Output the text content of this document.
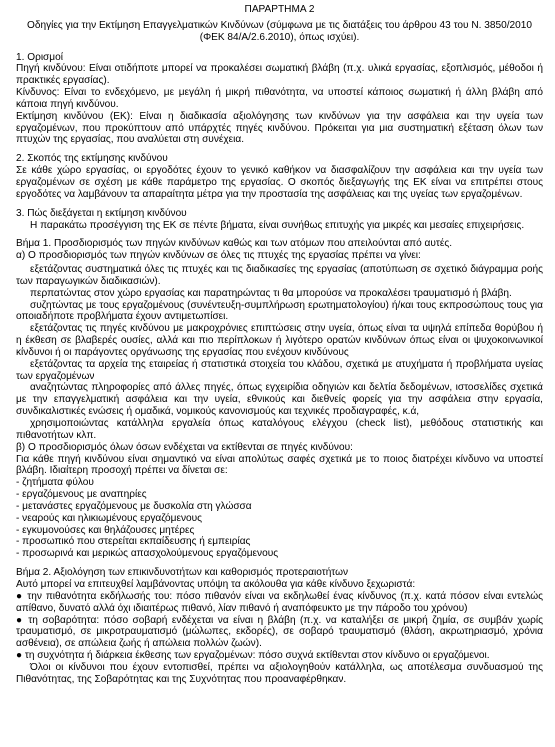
ΠΑΡΑΡΤΗΜΑ 2

Οδηγίες για την Εκτίμηση Επαγγελματικών Κινδύνων (σύμφωνα με τις διατάξεις του άρθρου 43 του Ν. 3850/2010 (ΦΕΚ 84/Α/2.6.2010), όπως ισχύει).

1. Ορισμοί

Πηγή κινδύνου: Είναι οτιδήποτε μπορεί να προκαλέσει σωματική βλάβη (π.χ. υλικά εργασίας, εξοπλισμός, μέθοδοι ή πρακτικές εργασίας).

Κίνδυνος: Είναι το ενδεχόμενο, με μεγάλη ή μικρή πιθανότητα, να υποστεί κάποιος σωματική ή άλλη βλάβη από κάποια πηγή κινδύνου.

Εκτίμηση κινδύνου (ΕΚ): Είναι η διαδικασία αξιολόγησης των κινδύνων για την ασφάλεια και την υγεία των εργαζομένων, που προκύπτουν από υπάρχτές πηγές κινδύνου. Πρόκειται για μια συστηματική εξέταση όλων των πτυχών της εργασίας, που αναλύεται στη συνέχεια.

2. Σκοπός της εκτίμησης κινδύνου

Σε κάθε χώρο εργασίας, οι εργοδότες έχουν το γενικό καθήκον να διασφαλίζουν την ασφάλεια και την υγεία των εργαζομένων σε σχέση με κάθε παράμετρο της εργασίας. Ο σκοπός διεξαγωγής της ΕΚ είναι να επιτρέπει στους εργοδότες να λαμβάνουν τα απαραίτητα μέτρα για την προστασία της ασφάλειας και της υγείας των εργαζομένων.

3. Πώς διεξάγεται η εκτίμηση κινδύνου

Η παρακάτω προσέγγιση της ΕΚ σε πέντε βήματα, είναι συνήθως επιτυχής για μικρές και μεσαίες επιχειρήσεις.

Βήμα 1. Προσδιορισμός των πηγών κινδύνων καθώς και των ατόμων που απειλούνται από αυτές.

α) Ο προσδιορισμός των πηγών κινδύνων σε όλες τις πτυχές της εργασίας πρέπει να γίνει:

εξετάζοντας συστηματικά όλες τις πτυχές και τις διαδικασίες της εργασίας (αποτύπωση σε σχετικό διάγραμμα ροής των παραγωγικών διαδικασιών).

περπατώντας στον χώρο εργασίας και παρατηρώντας τι θα μπορούσε να προκαλέσει τραυματισμό ή βλάβη.

συζητώντας με τους εργαζομένους (συνέντευξη-συμπλήρωση ερωτηματολογίου) ή/και τους εκπροσώπους τους για οποιαδήποτε προβλήματα έχουν αντιμετωπίσει.

εξετάζοντας τις πηγές κινδύνου με μακροχρόνιες επιπτώσεις στην υγεία, όπως είναι τα υψηλά επίπεδα θορύβου ή η έκθεση σε βλαβερές ουσίες, αλλά και πιο περίπλοκων ή λιγότερο ορατών κινδύνων όπως είναι οι ψυχοκοινωνικοί κίνδυνοι ή οι παράγοντες οργάνωσης της εργασίας που ενέχουν κινδύνους

εξετάζοντας τα αρχεία της εταιρείας ή στατιστικά στοιχεία του κλάδου, σχετικά με ατυχήματα ή προβλήματα υγείας των εργαζομένων

αναζητώντας πληροφορίες από άλλες πηγές, όπως εγχειρίδια οδηγιών και δελτία δεδομένων, ιστοσελίδες σχετικά με την επαγγελματική ασφάλεια και την υγεία, εθνικούς και διεθνείς φορείς για την ασφάλεια στην εργασία, συνδικαλιστικές ενώσεις ή ομαδικά, νομικούς κανονισμούς και τεχνικές προδιαγραφές, κ.ά,

χρησιμοποιώντας κατάλληλα εργαλεία όπως καταλόγους ελέγχου (check list), μεθόδους στατιστικής και πιθανοτήτων κλπ.

β) Ο προσδιορισμός όλων όσων ενδέχεται να εκτίθενται σε πηγές κινδύνου:

Για κάθε πηγή κινδύνου είναι σημαντικό να είναι απολύτως σαφές σχετικά με το ποιος διατρέχει κίνδυνο να υποστεί βλάβη. Ιδιαίτερη προσοχή πρέπει να δίνεται σε:

- ζητήματα φύλου
- εργαζόμενους με αναπηρίες
- μετανάστες εργαζόμενους με δυσκολία στη γλώσσα
- νεαρούς και ηλικιωμένους εργαζόμενους
- εγκυμονούσες και θηλάζουσες μητέρες
- προσωπικό που στερείται εκπαίδευσης ή εμπειρίας
- προσωρινά και μερικώς απασχολούμενους εργαζόμενους

Βήμα 2. Αξιολόγηση των επικινδυνοτήτων και καθορισμός προτεραιοτήτων

Αυτό μπορεί να επιτευχθεί λαμβάνοντας υπόψη τα ακόλουθα για κάθε κίνδυνο ξεχωριστά:

● την πιθανότητα εκδήλωσής του: πόσο πιθανόν είναι να εκδηλωθεί ένας κίνδυνος (π.χ. κατά πόσον είναι εντελώς απίθανο, δυνατό αλλά όχι ιδιαιτέρως πιθανό, λίαν πιθανό ή αναπόφευκτο με την πάροδο του χρόνου)

● τη σοβαρότητα: πόσο σοβαρή ενδέχεται να είναι η βλάβη (π.χ. να καταλήξει σε μικρή ζημία, σε συμβάν χωρίς τραυματισμό, σε μικροτραυματισμό (μώλωπες, εκδορές), σε σοβαρό τραυματισμό (θλάση, ακρωτηριασμό, χρόνια ασθένεια), σε απώλεια ζωής ή απώλεια πολλών ζωών).

● τη συχνότητα ή διάρκεια έκθεσης των εργαζομένων: πόσο συχνά εκτίθενται στον κίνδυνο οι εργαζόμενοι.

Όλοι οι κίνδυνοι που έχουν εντοπισθεί, πρέπει να αξιολογηθούν κατάλληλα, ως αποτέλεσμα συνδυασμού της Πιθανότητας, της Σοβαρότητας και της Συχνότητας που προαναφέρθηκαν.
